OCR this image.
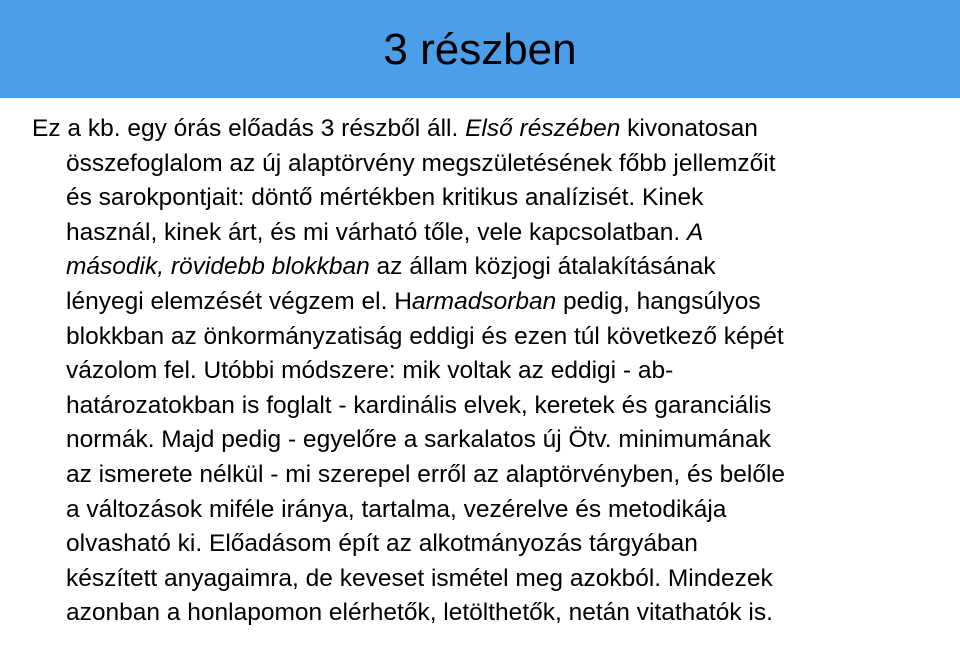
3 részben
Ez a kb. egy órás előadás 3 részből áll. Első részében kivonatosan
összefoglalom az új alaptörvény megszületésének főbb jellemzőit
és sarokpontjait: döntő mértékben kritikus analízisét. Kinek
használ, kinek árt, és mi várható tőle, vele kapcsolatban. A
második, rövidebb blokkban az állam közjogi átalakításának
lényegi elemzését végzem el. Harmadsorban pedig, hangsúlyos
blokkban az önkormányzatiság eddigi és ezen túl következő képét
vázolom fel. Utóbbi módszere: mik voltak az eddigi - ab-
határozatokban is foglalt - kardinális elvek, keretek és garanciális
normák. Majd pedig - egyelőre a sarkalatos új Ötv. minimumának
az ismerete nélkül - mi szerepel erről az alaptörvényben, és belőle
a változások miféle iránya, tartalma, vezérelve és metodikája
olvasható ki. Előadásom épít az alkotmányozás tárgyában
készített anyagaimra, de keveset ismétel meg azokból. Mindezek
azonban a honlapomon elérhetők, letölthetők, netán vitathatók is.
